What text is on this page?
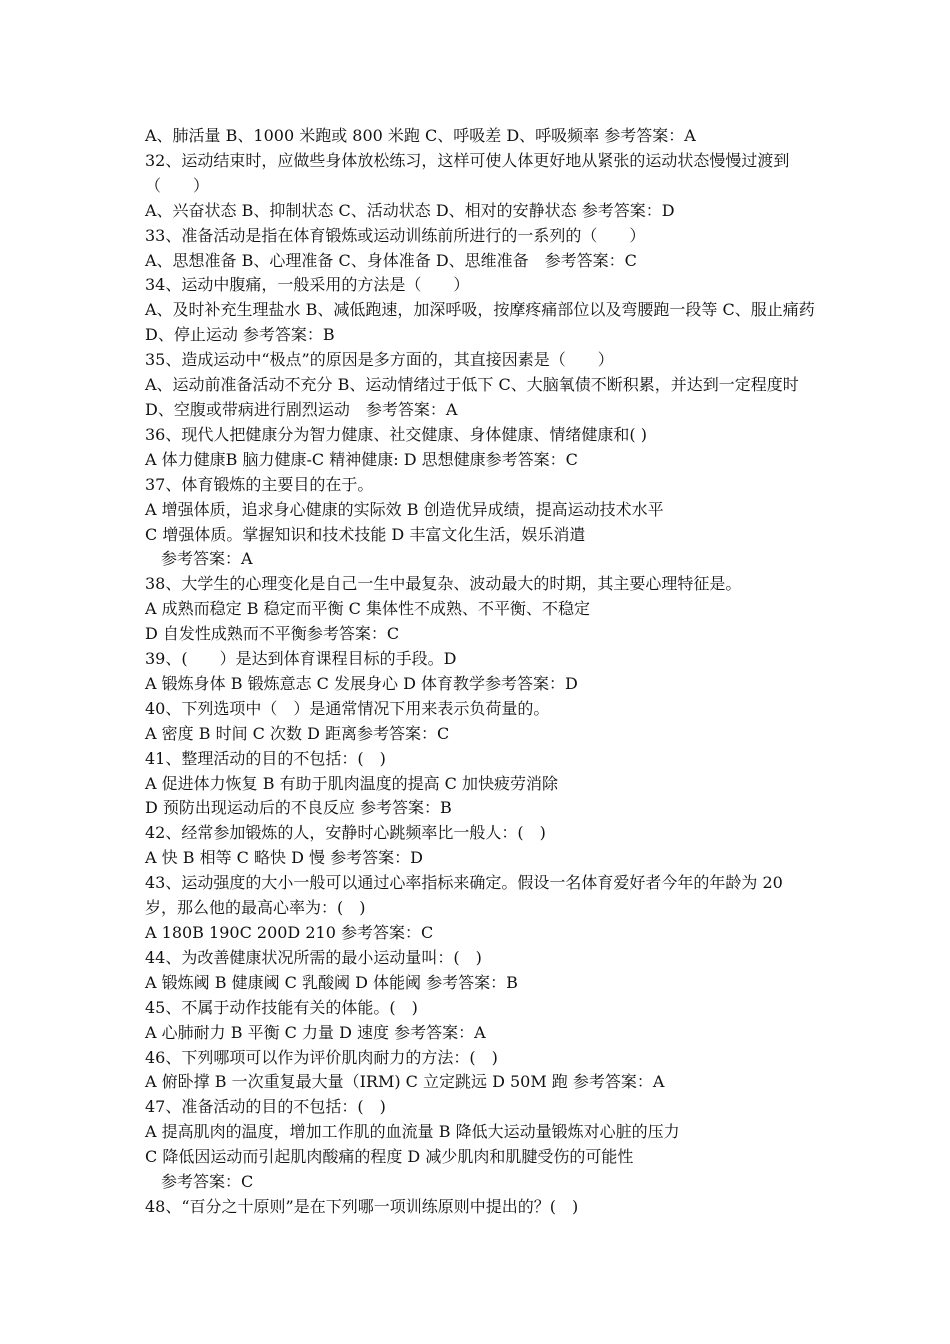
A、肺活量 B、1000 米跑或 800 米跑 C、呼吸差 D、呼吸频率 参考答案：A
32、运动结束时，应做些身体放松练习，这样可使人体更好地从紧张的运动状态慢慢过渡到
（　　）
A、兴奋状态 B、抑制状态 C、活动状态 D、相对的安静状态 参考答案：D
33、准备活动是指在体育锻炼或运动训练前所进行的一系列的（　　）
A、思想准备 B、心理准备 C、身体准备 D、思维准备　参考答案：C
34、运动中腹痛，一般采用的方法是（　　）
A、及时补充生理盐水 B、减低跑速，加深呼吸，按摩疼痛部位以及弯腰跑一段等 C、服止痛药
D、停止运动 参考答案：B
35、造成运动中“极点”的原因是多方面的，其直接因素是（　　）
A、运动前准备活动不充分 B、运动情绪过于低下 C、大脑氧债不断积累，并达到一定程度时
D、空腹或带病进行剧烈运动　参考答案：A
36、现代人把健康分为智力健康、社交健康、身体健康、情绪健康和( )
A 体力健康B 脑力健康-C 精神健康: D 思想健康参考答案：C
37、体育锻炼的主要目的在于。
A 增强体质，追求身心健康的实际效 B 创造优异成绩，提高运动技术水平
C 增强体质。掌握知识和技术技能 D 丰富文化生活，娱乐消遣
参考答案：A
38、大学生的心理变化是自己一生中最复杂、波动最大的时期，其主要心理特征是。
A 成熟而稳定 B 稳定而平衡 C 集体性不成熟、不平衡、不稳定
D 自发性成熟而不平衡参考答案：C
39、(　　）是达到体育课程目标的手段。D
A 锻炼身体 B 锻炼意志 C 发展身心 D 体育教学参考答案：D
40、下列选项中（　）是通常情况下用来表示负荷量的。
A 密度 B 时间 C 次数 D 距离参考答案：C
41、整理活动的目的不包括：(　)
A 促进体力恢复 B 有助于肌肉温度的提高 C 加快疲劳消除
D 预防出现运动后的不良反应 参考答案：B
42、经常参加锻炼的人，安静时心跳频率比一般人：(　)
A 快 B 相等 C 略快 D 慢 参考答案：D
43、运动强度的大小一般可以通过心率指标来确定。假设一名体育爱好者今年的年龄为 20
岁，那么他的最高心率为：(　)
A 180B 190C 200D 210 参考答案：C
44、为改善健康状况所需的最小运动量叫：(　)
A 锻炼阈 B 健康阈 C 乳酸阈 D 体能阈 参考答案：B
45、不属于动作技能有关的体能。(　)
A 心肺耐力 B 平衡 C 力量 D 速度 参考答案：A
46、下列哪项可以作为评价肌肉耐力的方法：(　)
A 俯卧撑 B 一次重复最大量（IRM) C 立定跳远 D 50M 跑 参考答案：A
47、准备活动的目的不包括：(　)
A 提高肌肉的温度，增加工作肌的血流量 B 降低大运动量锻炼对心脏的压力
C 降低因运动而引起肌肉酸痛的程度 D 减少肌肉和肌腱受伤的可能性
参考答案：C
48、“百分之十原则”是在下列哪一项训练原则中提出的？(　)
